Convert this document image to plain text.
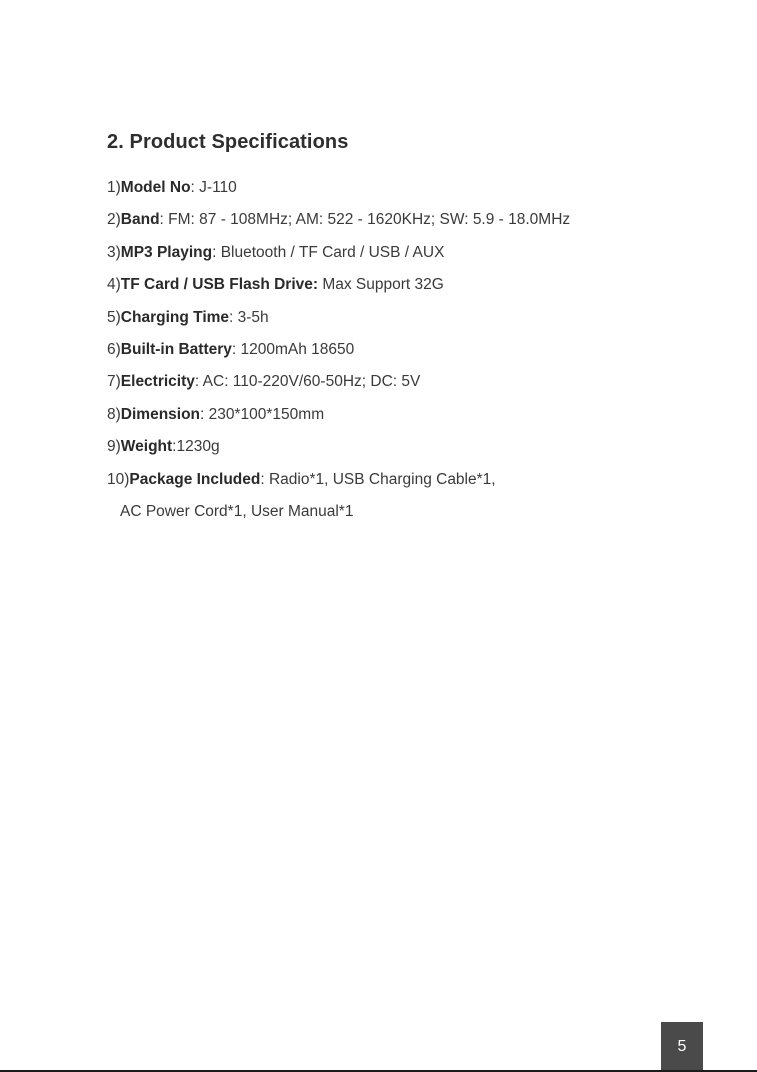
2. Product Specifications
1)Model No: J-110
2)Band: FM: 87 - 108MHz; AM: 522 - 1620KHz; SW: 5.9 - 18.0MHz
3)MP3 Playing: Bluetooth / TF Card / USB / AUX
4)TF Card / USB Flash Drive: Max Support 32G
5)Charging Time: 3-5h
6)Built-in Battery: 1200mAh 18650
7)Electricity: AC: 110-220V/60-50Hz; DC: 5V
8)Dimension: 230*100*150mm
9)Weight:1230g
10)Package Included: Radio*1, USB Charging Cable*1,
AC Power Cord*1, User Manual*1
5
